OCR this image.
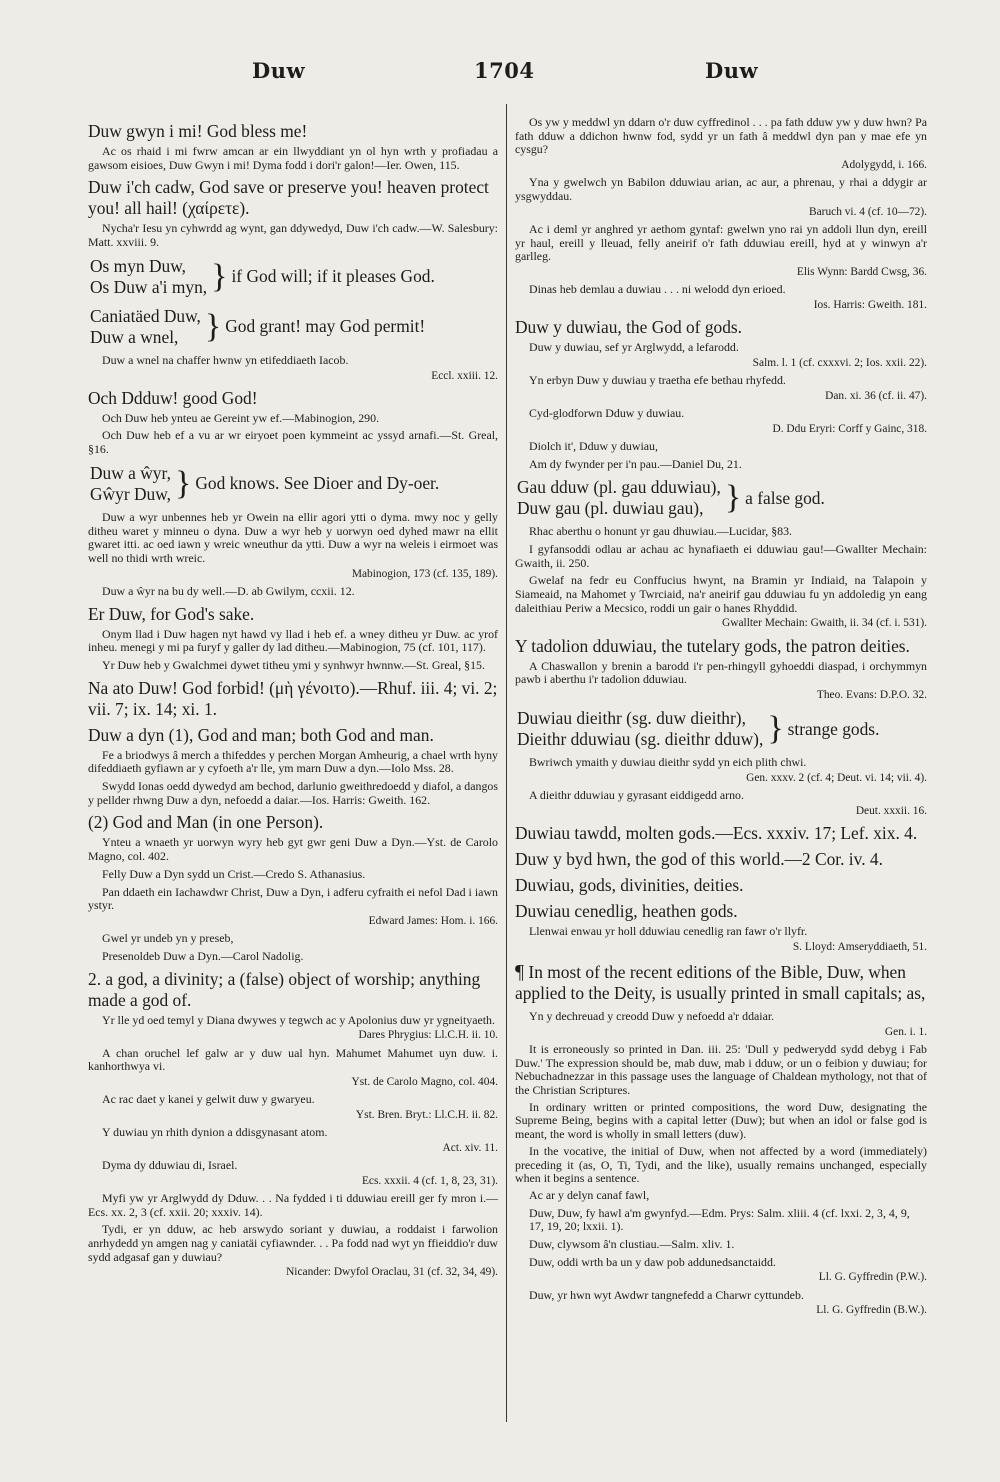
Duw	1704	Duw
Duw gwyn i mi! God bless me!

Ac os rhaid i mi fwrw amcan ar ein llwyddiant yn ol hyn wrth y profiadau a gawsom eisioes, Duw Gwyn i mi! Dyma fodd i dori'r galon!—Ier. Owen, 115.

Duw i'ch cadw, God save or preserve you! heaven protect you! all hail! (χαίρετε).

Nycha'r Iesu yn cyhwrdd ag wynt, gan ddywedyd, Duw i'ch cadw.—W. Salesbury: Matt. xxviii. 9.

Os myn Duw,
Os Duw a'i myn,	}	if God will; if it pleases God.
Caniatäed Duw,
Duw a wnel,	}	God grant! may God permit!

Duw a wnel na chaffer hwnw yn etifeddiaeth Iacob.

Eccl. xxiii. 12.
Och Ddduw! good God!

Och Duw heb ynteu ae Gereint yw ef.—Mabinogion, 290.

Och Duw heb ef a vu ar wr eiryoet poen kymmeint ac yssyd arnafi.—St. Greal, §16.

Duw a ŵyr,
Gŵyr Duw,	}	God knows. See Dioer and Dy-oer.

Duw a wyr unbennes heb yr Owein na ellir agori ytti o dyma. mwy noc y gelly ditheu waret y minneu o dyna. Duw a wyr heb y uorwyn oed dyhed mawr na ellit gwaret itti. ac oed iawn y wreic wneuthur da ytti. Duw a wyr na weleis i eirmoet was well no thidi wrth wreic.

Mabinogion, 173 (cf. 135, 189).

Duw a ŵyr na bu dy well.—D. ab Gwilym, ccxii. 12.

Er Duw, for God's sake.

Onym llad i Duw hagen nyt hawd vy llad i heb ef. a wney ditheu yr Duw. ac yrof inheu. menegi y mi pa furyf y galler dy lad ditheu.—Mabinogion, 75 (cf. 101, 117).

Yr Duw heb y Gwalchmei dywet titheu ymi y synhwyr hwnnw.—St. Greal, §15.

Na ato Duw! God forbid! (μὴ γένοιτο).—Rhuf. iii. 4; vi. 2; vii. 7; ix. 14; xi. 1.
Duw a dyn (1), God and man; both God and man.

Fe a briodwys â merch a thifeddes y perchen Morgan Amheurig, a chael wrth hyny difeddiaeth gyfiawn ar y cyfoeth a'r lle, ym marn Duw a dyn.—Iolo Mss. 28.

Swydd Ionas oedd dywedyd am bechod, darlunio gweithredoedd y diafol, a dangos y pellder rhwng Duw a dyn, nefoedd a daiar.—Ios. Harris: Gweith. 162.

(2) God and Man (in one Person).

Ynteu a wnaeth yr uorwyn wyry heb gyt gwr geni Duw a Dyn.—Yst. de Carolo Magno, col. 402.

Felly Duw a Dyn sydd un Crist.—Credo S. Athanasius.

Pan ddaeth ein Iachawdwr Christ, Duw a Dyn, i adferu cyfraith ei nefol Dad i iawn ystyr.

Edward James: Hom. i. 166.
Gwel yr undeb yn y preseb,
Presenoldeb Duw a Dyn.—Carol Nadolig.
2. a god, a divinity; a (false) object of worship; anything made a god of.

Yr lle yd oed temyl y Diana dwywes y tegwch ac y Apolonius duw yr ygneityaeth.

Dares Phrygius: Ll.C.H. ii. 10.

A chan oruchel lef galw ar y duw ual hyn. Mahumet Mahumet uyn duw. i. kanhorthwya vi.

Yst. de Carolo Magno, col. 404.

Ac rac daet y kanei y gelwit duw y gwaryeu.

Yst. Bren. Bryt.: Ll.C.H. ii. 82.

Y duwiau yn rhith dynion a ddisgynasant atom.

Act. xiv. 11.

Dyma dy dduwiau di, Israel.

Ecs. xxxii. 4 (cf. 1, 8, 23, 31).

Myfi yw yr Arglwydd dy Dduw. . . Na fydded i ti dduwiau ereill ger fy mron i.—Ecs. xx. 2, 3 (cf. xxii. 20; xxxiv. 14).

Tydi, er yn dduw, ac heb arswydo soriant y duwiau, a roddaist i farwolion anrhydedd yn amgen nag y caniatäi cyfiawnder. . . Pa fodd nad wyt yn ffieiddio'r duw sydd adgasaf gan y duwiau?

Nicander: Dwyfol Oraclau, 31 (cf. 32, 34, 49).

Os yw y meddwl yn ddarn o'r duw cyffredinol . . . pa fath dduw yw y duw hwn? Pa fath dduw a ddichon hwnw fod, sydd yr un fath â meddwl dyn pan y mae efe yn cysgu?

Adolygydd, i. 166.

Yna y gwelwch yn Babilon dduwiau arian, ac aur, a phrenau, y rhai a ddygir ar ysgwyddau.

Baruch vi. 4 (cf. 10—72).

Ac i deml yr anghred yr aethom gyntaf: gwelwn yno rai yn addoli llun dyn, ereill yr haul, ereill y lleuad, felly aneirif o'r fath dduwiau ereill, hyd at y winwyn a'r garlleg.

Elis Wynn: Bardd Cwsg, 36.

Dinas heb demlau a duwiau . . . ni welodd dyn erioed.

Ios. Harris: Gweith. 181.
Duw y duwiau, the God of gods.

Duw y duwiau, sef yr Arglwydd, a lefarodd.

Salm. l. 1 (cf. cxxxvi. 2; Ios. xxii. 22).

Yn erbyn Duw y duwiau y traetha efe bethau rhyfedd.

Dan. xi. 36 (cf. ii. 47).

Cyd-glodforwn Dduw y duwiau.

D. Ddu Eryri: Corff y Gainc, 318.
Diolch it', Dduw y duwiau,
Am dy fwynder per i'n pau.—Daniel Du, 21.
Gau dduw (pl. gau dduwiau),
Duw gau (pl. duwiau gau),	}	a false god.

Rhac aberthu o honunt yr gau dhuwiau.—Lucidar, §83.

I gyfansoddi odlau ar achau ac hynafiaeth ei dduwiau gau!—Gwallter Mechain: Gwaith, ii. 250.

Gwelaf na fedr eu Conffucius hwynt, na Bramin yr Indiaid, na Talapoin y Siameaid, na Mahomet y Twrciaid, na'r aneirif gau dduwiau fu yn addoledig yn eang daleithiau Periw a Mecsico, roddi un gair o hanes Rhyddid.

Gwallter Mechain: Gwaith, ii. 34 (cf. i. 531).
Y tadolion dduwiau, the tutelary gods, the patron deities.

A Chaswallon y brenin a barodd i'r pen-rhingyll gyhoeddi diaspad, i orchymmyn pawb i aberthu i'r tadolion dduwiau.

Theo. Evans: D.P.O. 32.
Duwiau dieithr (sg. duw dieithr),
Dieithr dduwiau (sg. dieithr dduw),	}	strange gods.

Bwriwch ymaith y duwiau dieithr sydd yn eich plith chwi.

Gen. xxxv. 2 (cf. 4; Deut. vi. 14; vii. 4).

A dieithr dduwiau y gyrasant eiddigedd arno.

Deut. xxxii. 16.
Duwiau tawdd, molten gods.—Ecs. xxxiv. 17; Lef. xix. 4.
Duw y byd hwn, the god of this world.—2 Cor. iv. 4.
Duwiau, gods, divinities, deities.
Duwiau cenedlig, heathen gods.

Llenwai enwau yr holl dduwiau cenedlig ran fawr o'r llyfr.

S. Lloyd: Amseryddiaeth, 51.
¶ In most of the recent editions of the Bible, Duw, when applied to the Deity, is usually printed in small capitals; as,

Yn y dechreuad y creodd Duw y nefoedd a'r ddaiar.

Gen. i. 1.

It is erroneously so printed in Dan. iii. 25: 'Dull y pedwerydd sydd debyg i Fab Duw.' The expression should be, mab duw, mab i dduw, or un o feibion y duwiau; for Nebuchadnezzar in this passage uses the language of Chaldean mythology, not that of the Christian Scriptures.

In ordinary written or printed compositions, the word Duw, designating the Supreme Being, begins with a capital letter (Duw); but when an idol or false god is meant, the word is wholly in small letters (duw).

In the vocative, the initial of Duw, when not affected by a word (immediately) preceding it (as, O, Ti, Tydi, and the like), usually remains unchanged, especially when it begins a sentence.

Ac ar y delyn canaf fawl,
Duw, Duw, fy hawl a'm gwynfyd.—Edm. Prys: Salm. xliii. 4 (cf. lxxi. 2, 3, 4, 9, 17, 19, 20; lxxii. 1).

Duw, clywsom â'n clustiau.—Salm. xliv. 1.

Duw, oddi wrth ba un y daw pob addunedsanctaidd.

Ll. G. Gyffredin (P.W.).

Duw, yr hwn wyt Awdwr tangnefedd a Charwr cyttundeb.

Ll. G. Gyffredin (B.W.).
